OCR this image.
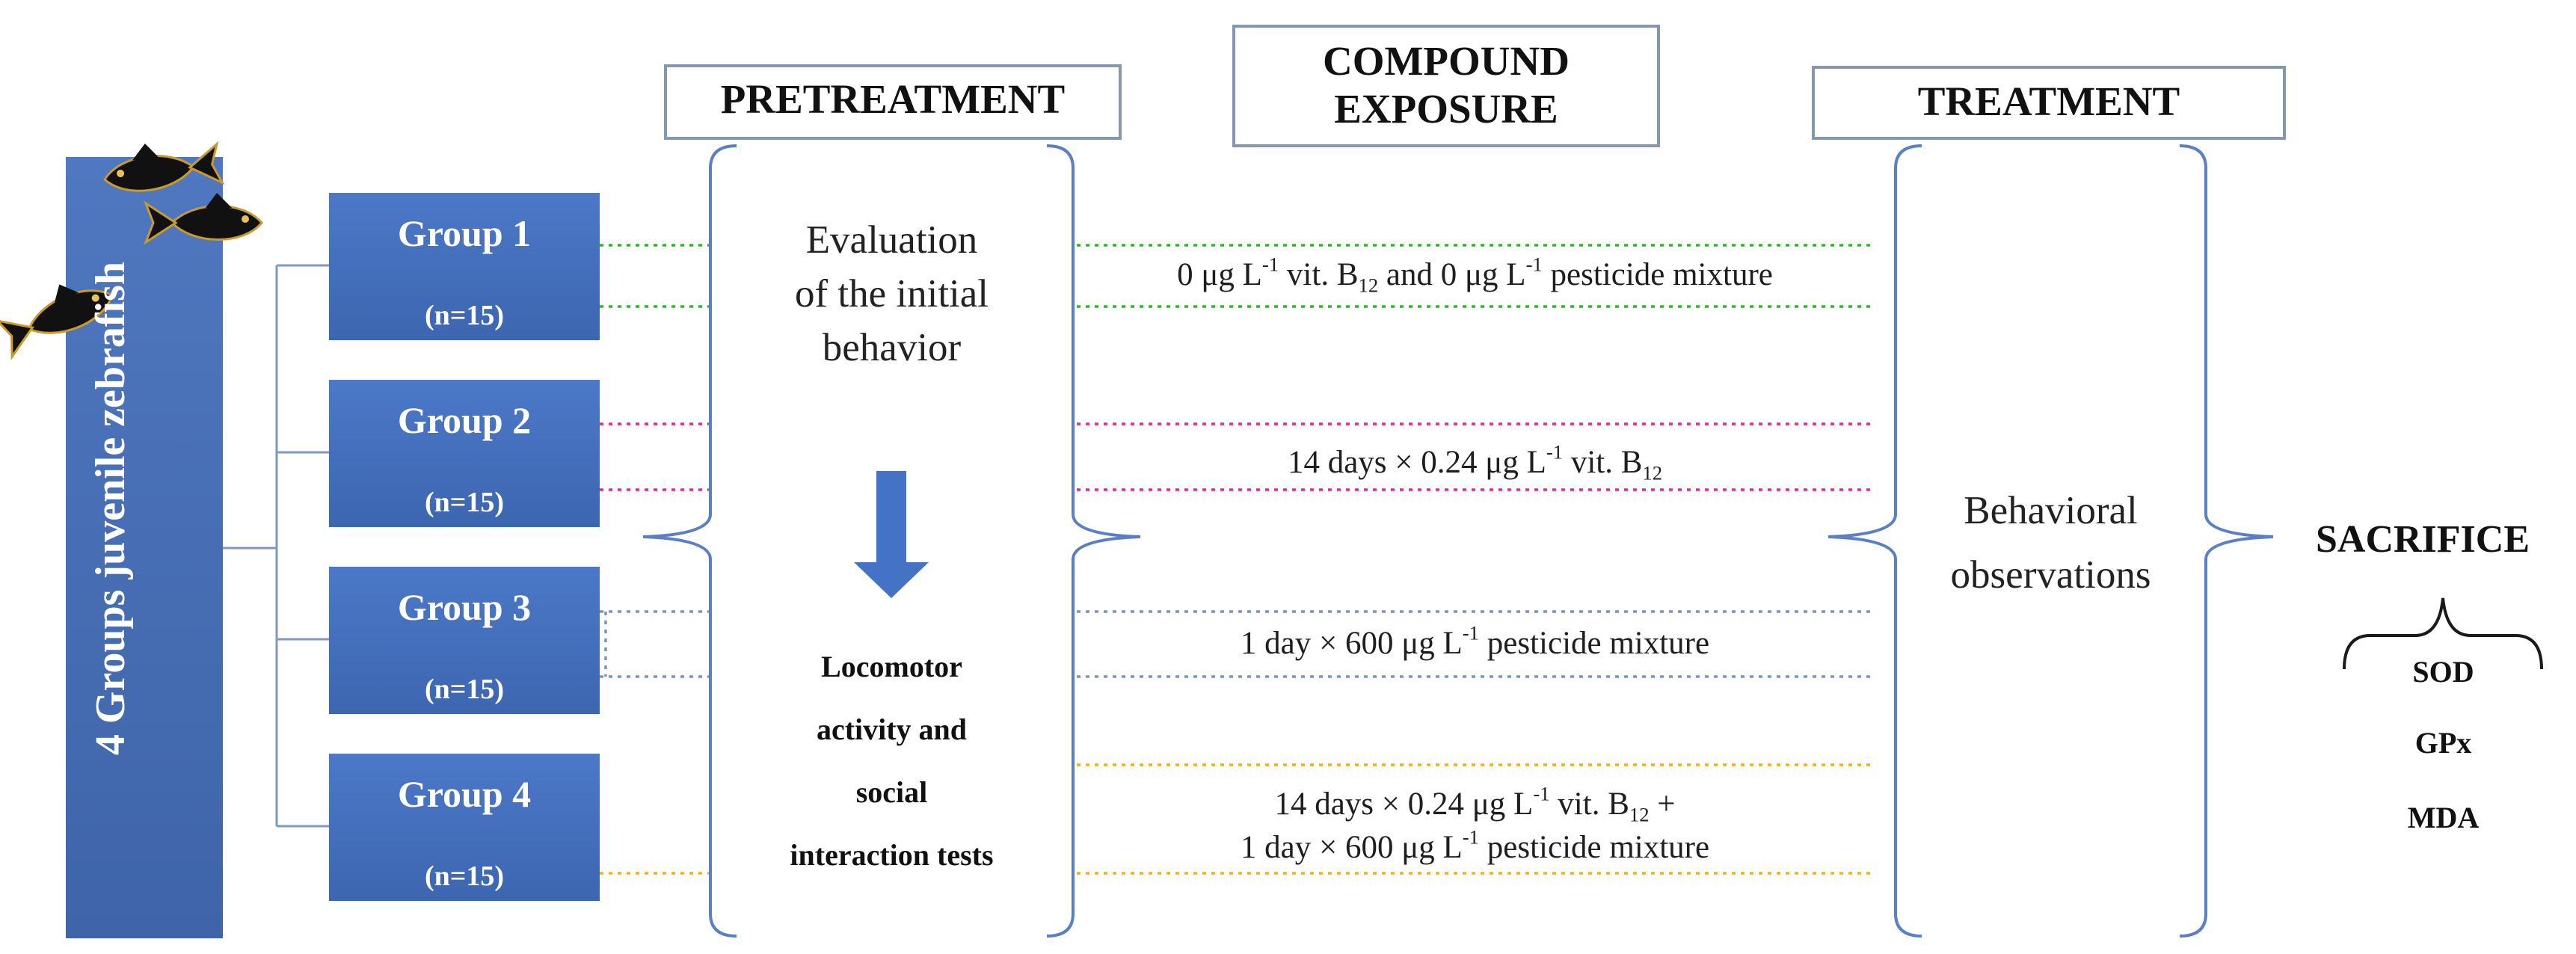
PRETREATMENT
COMPOUND
EXPOSURE	TREATMENT
4 Groups juvenile zebrafish
Group 1
(n=15)
Group 2
(n=15)
Group 3
(n=15)
Group 4
(n=15)
Evaluation
of the initial
behavior
Locomotor
activity and
social
interaction tests
0 μg $L^{-1}$ vit. $B_{12}$ and 0 μg $L^{-1}$ pesticide mixture
14 days × 0.24 μg $L^{-1}$ vit. $B_{12}$
1 day × 600 μg $L^{-1}$ pesticide mixture
14 days × 0.24 μg $L^{-1}$ vit. $B_{12}$ +
1 day × 600 μg $L^{-1}$ pesticide mixture
Behavioral
observations
SACRIFICE
SOD
GPx
MDA
